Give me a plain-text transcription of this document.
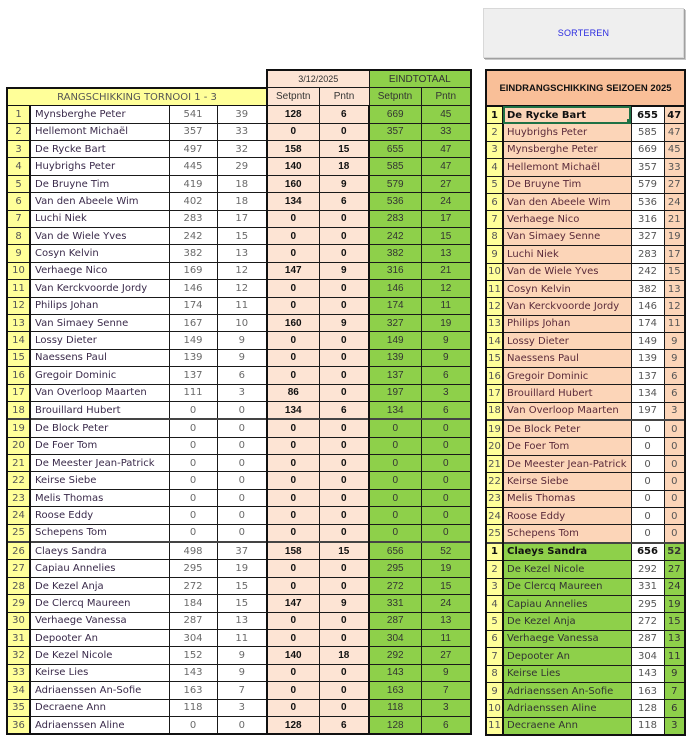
SORTEREN
				3/12/2025		EINDTOTAAL	
RANGSCHIKKING TORNOOI 1 - 3				Setpntn	Pntn	Setpntn	Pntn
1	Mynsberghe Peter	541	39	128	6	669	45
2	Hellemont Michaël	357	33	0	0	357	33
3	De Rycke Bart	497	32	158	15	655	47
4	Huybrighs Peter	445	29	140	18	585	47
5	De Bruyne Tim	419	18	160	9	579	27
6	Van den Abeele Wim	402	18	134	6	536	24
7	Luchi Niek	283	17	0	0	283	17
8	Van de Wiele Yves	242	15	0	0	242	15
9	Cosyn Kelvin	382	13	0	0	382	13
10	Verhaege Nico	169	12	147	9	316	21
11	Van Kerckvoorde Jordy	146	12	0	0	146	12
12	Philips Johan	174	11	0	0	174	11
13	Van Simaey Senne	167	10	160	9	327	19
14	Lossy Dieter	149	9	0	0	149	9
15	Naessens Paul	139	9	0	0	139	9
16	Gregoir Dominic	137	6	0	0	137	6
17	Van Overloop Maarten	111	3	86	0	197	3
18	Brouillard Hubert	0	0	134	6	134	6
19	De Block Peter	0	0	0	0	0	0
20	De Foer Tom	0	0	0	0	0	0
21	De Meester Jean-Patrick	0	0	0	0	0	0
22	Keirse Siebe	0	0	0	0	0	0
23	Melis Thomas	0	0	0	0	0	0
24	Roose Eddy	0	0	0	0	0	0
25	Schepens Tom	0	0	0	0	0	0
26	Claeys Sandra	498	37	158	15	656	52
27	Capiau Annelies	295	19	0	0	295	19
28	De Kezel Anja	272	15	0	0	272	15
29	De Clercq Maureen	184	15	147	9	331	24
30	Verhaege Vanessa	287	13	0	0	287	13
31	Depooter An	304	11	0	0	304	11
32	De Kezel Nicole	152	9	140	18	292	27
33	Keirse Lies	143	9	0	0	143	9
34	Adriaenssen An-Sofie	163	7	0	0	163	7
35	Decraene Ann	118	3	0	0	118	3
36	Adriaenssen Aline	0	0	128	6	128	6
EINDRANGSCHIKKING SEIZOEN 2025			
1	De Rycke Bart	655	47
2	Huybrighs Peter	585	47
3	Mynsberghe Peter	669	45
4	Hellemont Michaël	357	33
5	De Bruyne Tim	579	27
6	Van den Abeele Wim	536	24
7	Verhaege Nico	316	21
8	Van Simaey Senne	327	19
9	Luchi Niek	283	17
10	Van de Wiele Yves	242	15
11	Cosyn Kelvin	382	13
12	Van Kerckvoorde Jordy	146	12
13	Philips Johan	174	11
14	Lossy Dieter	149	9
15	Naessens Paul	139	9
16	Gregoir Dominic	137	6
17	Brouillard Hubert	134	6
18	Van Overloop Maarten	197	3
19	De Block Peter	0	0
20	De Foer Tom	0	0
21	De Meester Jean-Patrick	0	0
22	Keirse Siebe	0	0
23	Melis Thomas	0	0
24	Roose Eddy	0	0
25	Schepens Tom	0	0
1	Claeys Sandra	656	52
2	De Kezel Nicole	292	27
3	De Clercq Maureen	331	24
4	Capiau Annelies	295	19
5	De Kezel Anja	272	15
6	Verhaege Vanessa	287	13
7	Depooter An	304	11
8	Keirse Lies	143	9
9	Adriaenssen An-Sofie	163	7
10	Adriaenssen Aline	128	6
11	Decraene Ann	118	3
